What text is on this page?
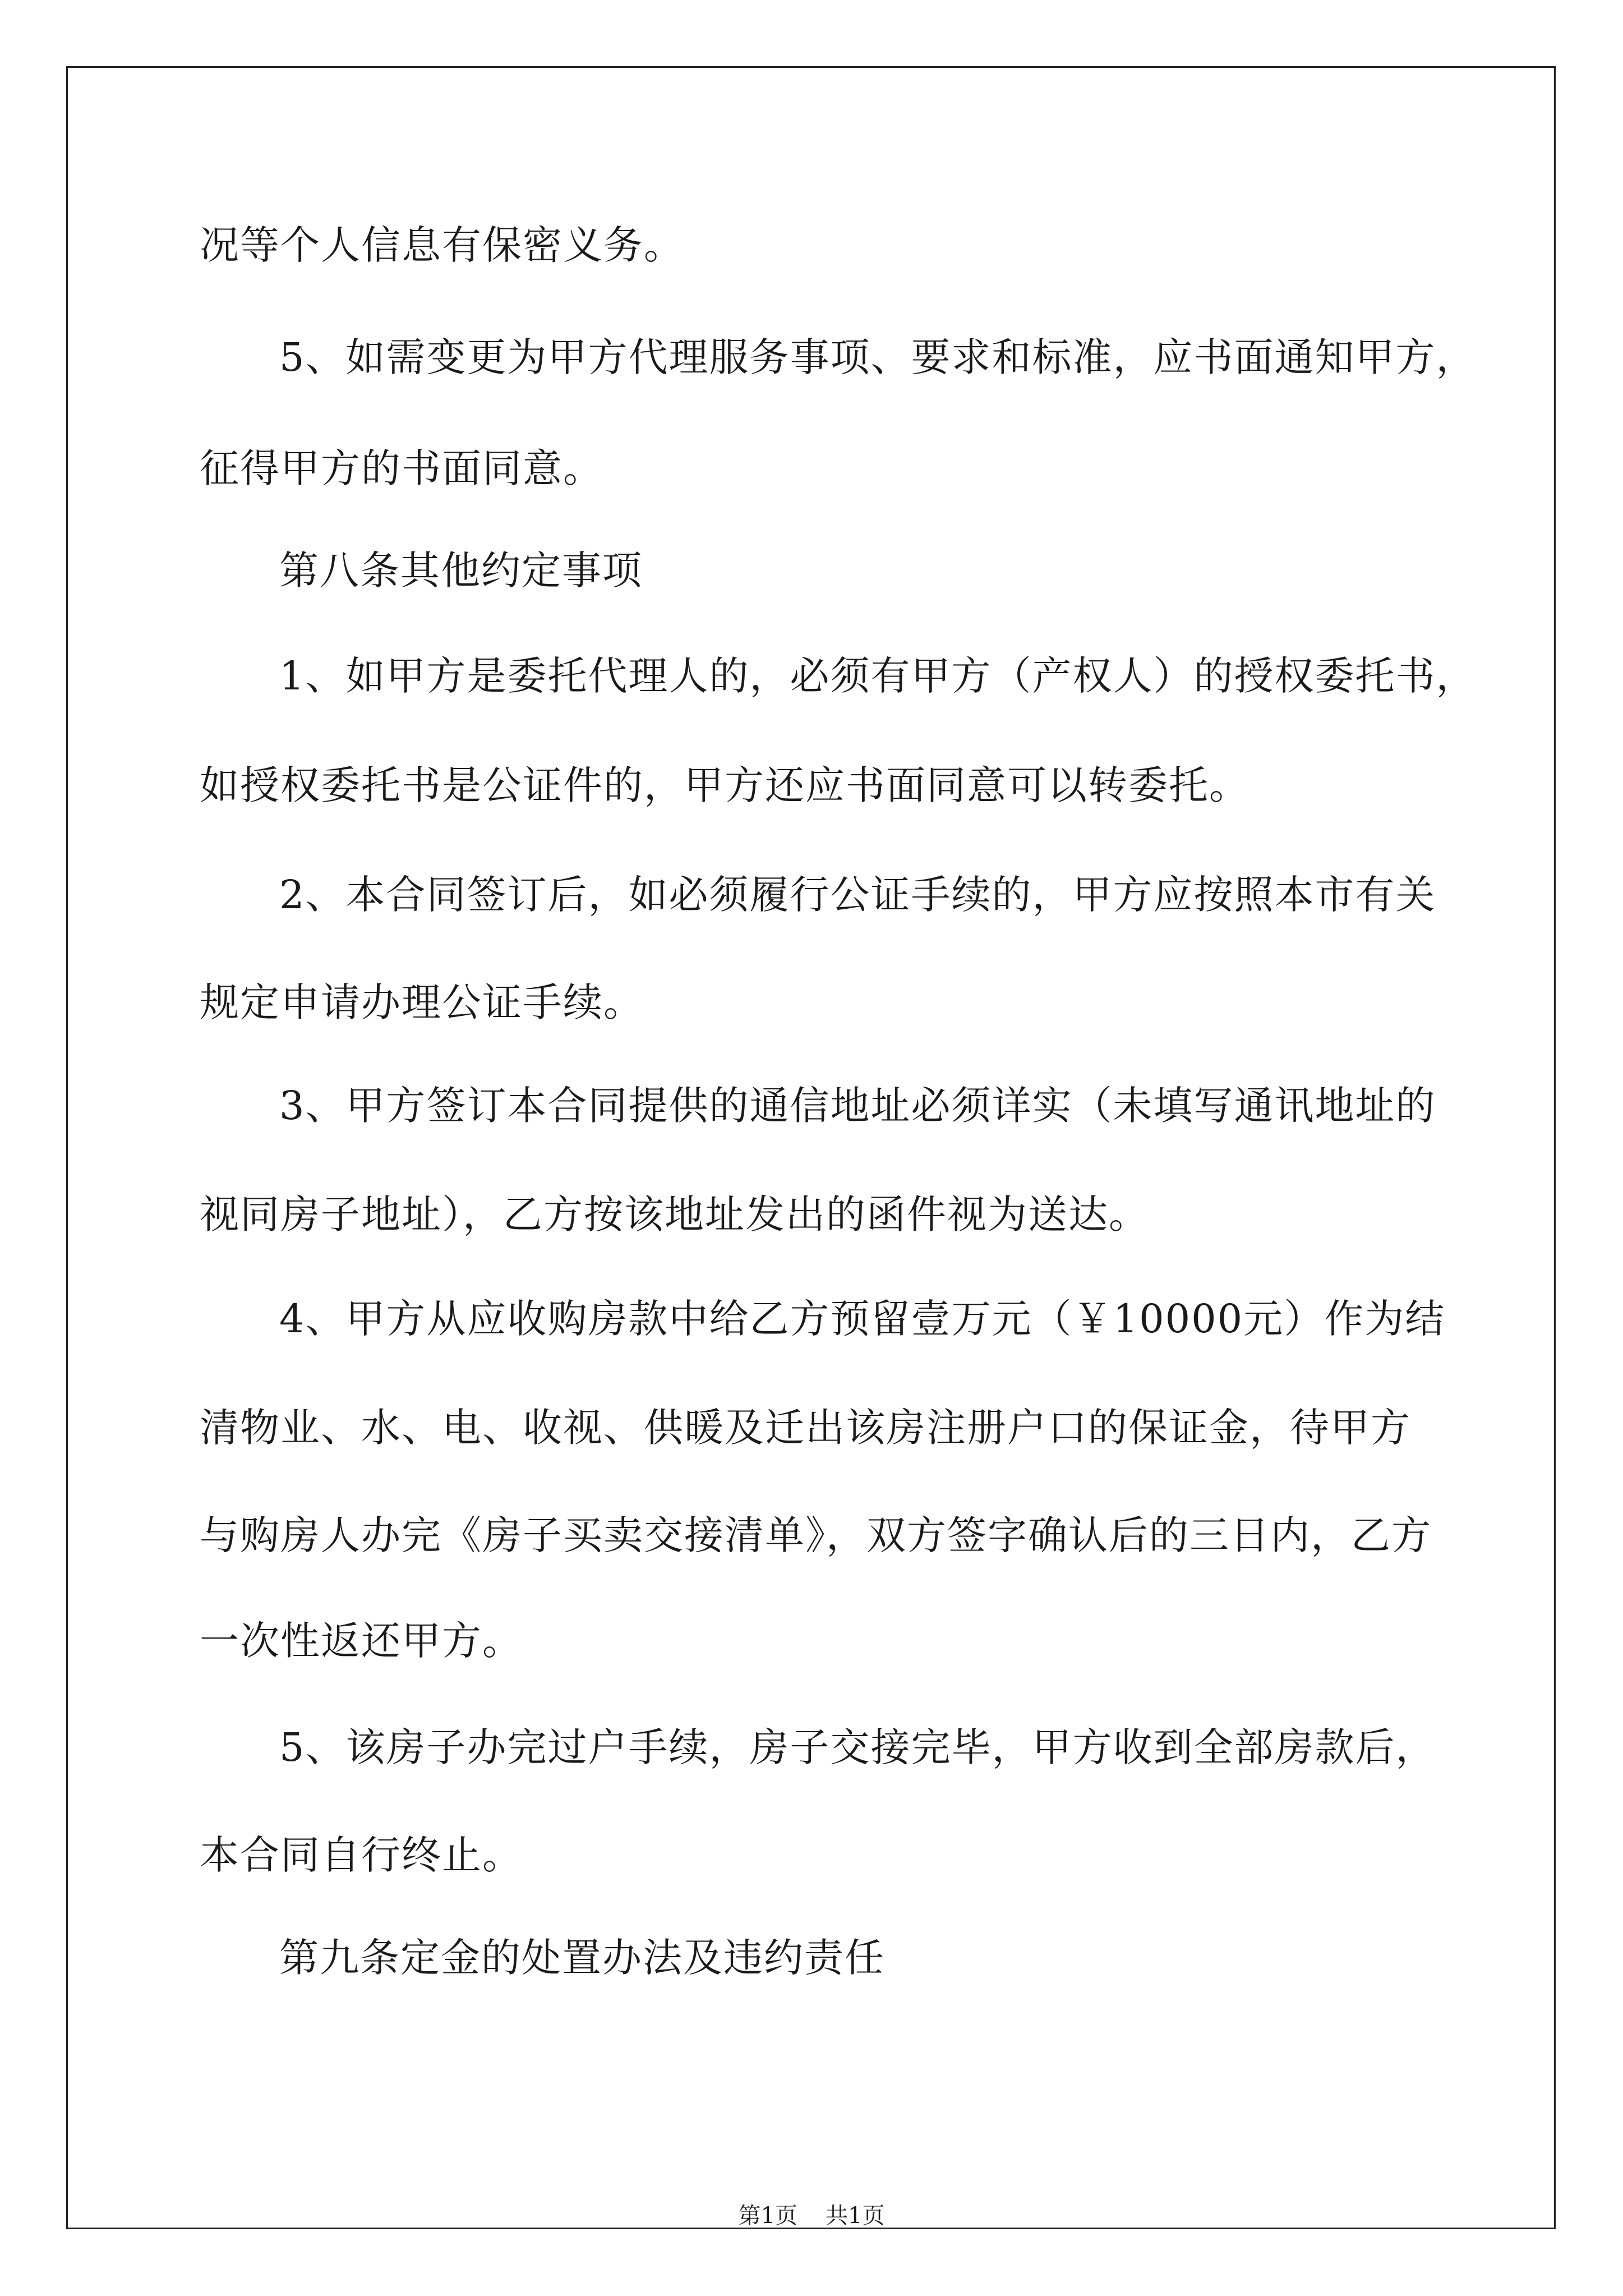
况等个人信息有保密义务。
5、如需变更为甲方代理服务事项、要求和标准，应书面通知甲方，
征得甲方的书面同意。
第八条其他约定事项
1、如甲方是委托代理人的，必须有甲方（产权人）的授权委托书，
如授权委托书是公证件的，甲方还应书面同意可以转委托。
2、本合同签订后，如必须履行公证手续的，甲方应按照本市有关
规定申请办理公证手续。
3、甲方签订本合同提供的通信地址必须详实（未填写通讯地址的
视同房子地址），乙方按该地址发出的函件视为送达。
4、甲方从应收购房款中给乙方预留壹万元（￥10000元）作为结
清物业、水、电、收视、供暖及迁出该房注册户口的保证金，待甲方
与购房人办完《房子买卖交接清单》，双方签字确认后的三日内，乙方
一次性返还甲方。
5、该房子办完过户手续，房子交接完毕，甲方收到全部房款后，
本合同自行终止。
第九条定金的处置办法及违约责任
第1页 共1页
